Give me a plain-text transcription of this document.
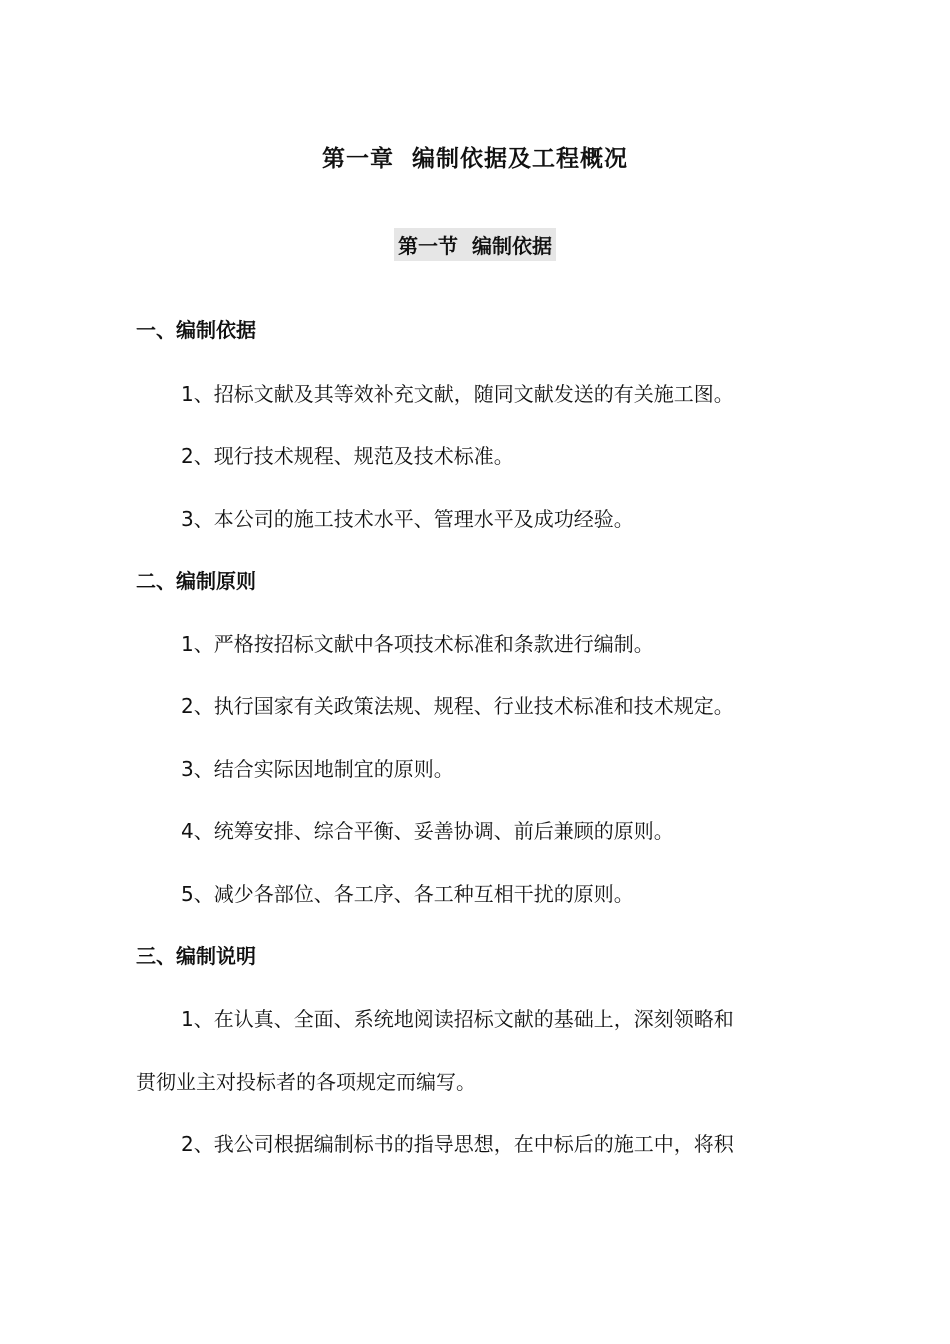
第一章  编制依据及工程概况
第一节  编制依据
一、编制依据
1、招标文献及其等效补充文献，随同文献发送的有关施工图。
2、现行技术规程、规范及技术标准。
3、本公司的施工技术水平、管理水平及成功经验。
二、编制原则
1、严格按招标文献中各项技术标准和条款进行编制。
2、执行国家有关政策法规、规程、行业技术标准和技术规定。
3、结合实际因地制宜的原则。
4、统筹安排、综合平衡、妥善协调、前后兼顾的原则。
5、减少各部位、各工序、各工种互相干扰的原则。
三、编制说明
1、在认真、全面、系统地阅读招标文献的基础上，深刻领略和
贯彻业主对投标者的各项规定而编写。
2、我公司根据编制标书的指导思想，在中标后的施工中，将积
